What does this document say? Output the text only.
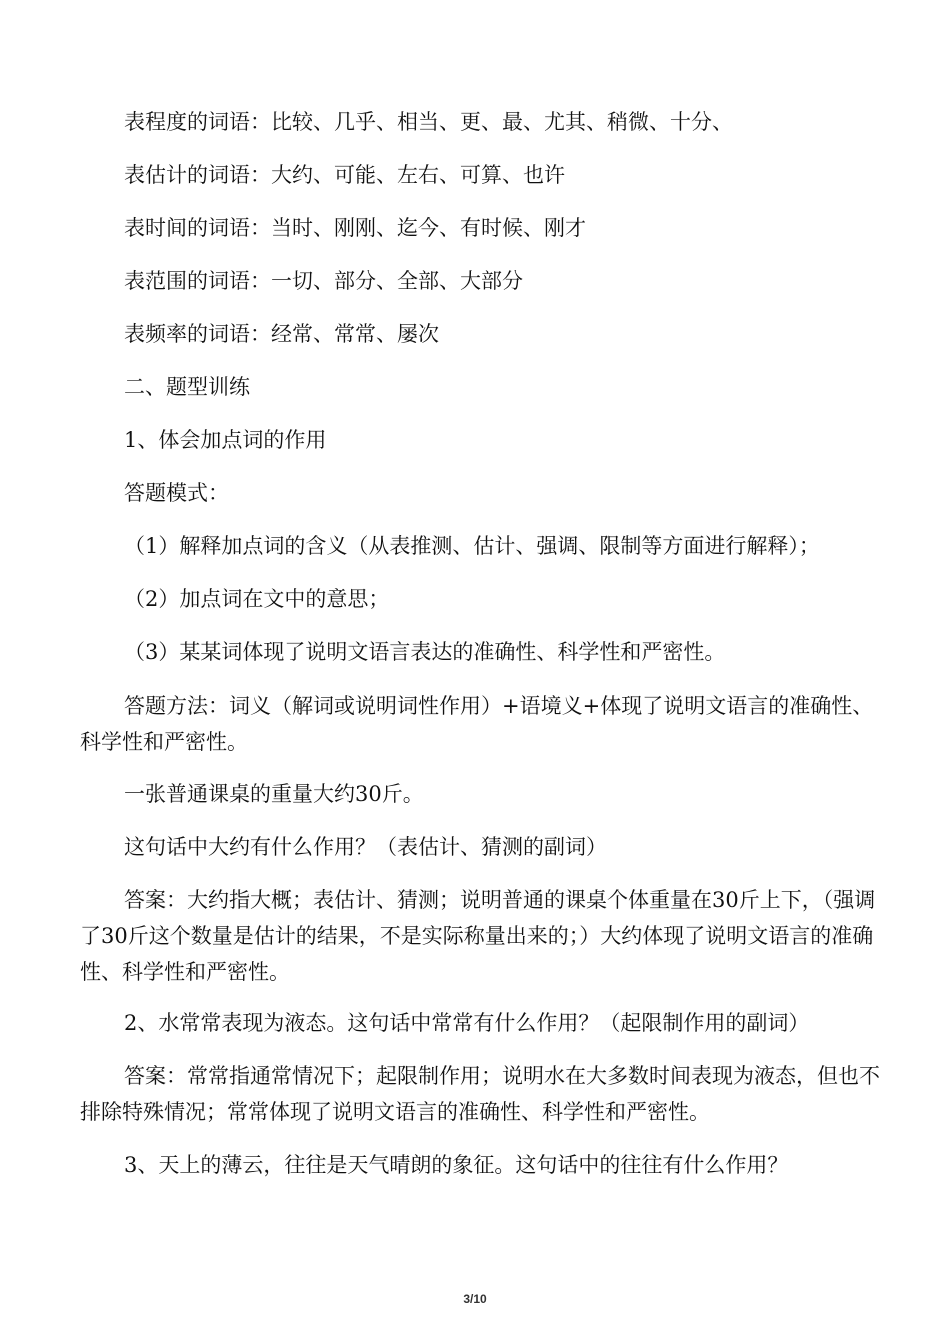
表程度的词语：比较、几乎、相当、更、最、尤其、稍微、十分、
表估计的词语：大约、可能、左右、可算、也许
表时间的词语：当时、刚刚、迄今、有时候、刚才
表范围的词语：一切、部分、全部、大部分
表频率的词语：经常、常常、屡次
二、题型训练
1、体会加点词的作用
答题模式：
（1）解释加点词的含义（从表推测、估计、强调、限制等方面进行解释）；
（2）加点词在文中的意思；
（3）某某词体现了说明文语言表达的准确性、科学性和严密性。
答题方法：词义（解词或说明词性作用）+语境义+体现了说明文语言的准确性、科学性和严密性。
一张普通课桌的重量大约30斤。
这句话中大约有什么作用？（表估计、猜测的副词）
答案：大约指大概；表估计、猜测；说明普通的课桌个体重量在30斤上下，（强调了30斤这个数量是估计的结果，不是实际称量出来的；）大约体现了说明文语言的准确性、科学性和严密性。
2、水常常表现为液态。这句话中常常有什么作用？（起限制作用的副词）
答案：常常指通常情况下；起限制作用；说明水在大多数时间表现为液态，但也不排除特殊情况；常常体现了说明文语言的准确性、科学性和严密性。
3、天上的薄云，往往是天气晴朗的象征。这句话中的往往有什么作用？
3/10
